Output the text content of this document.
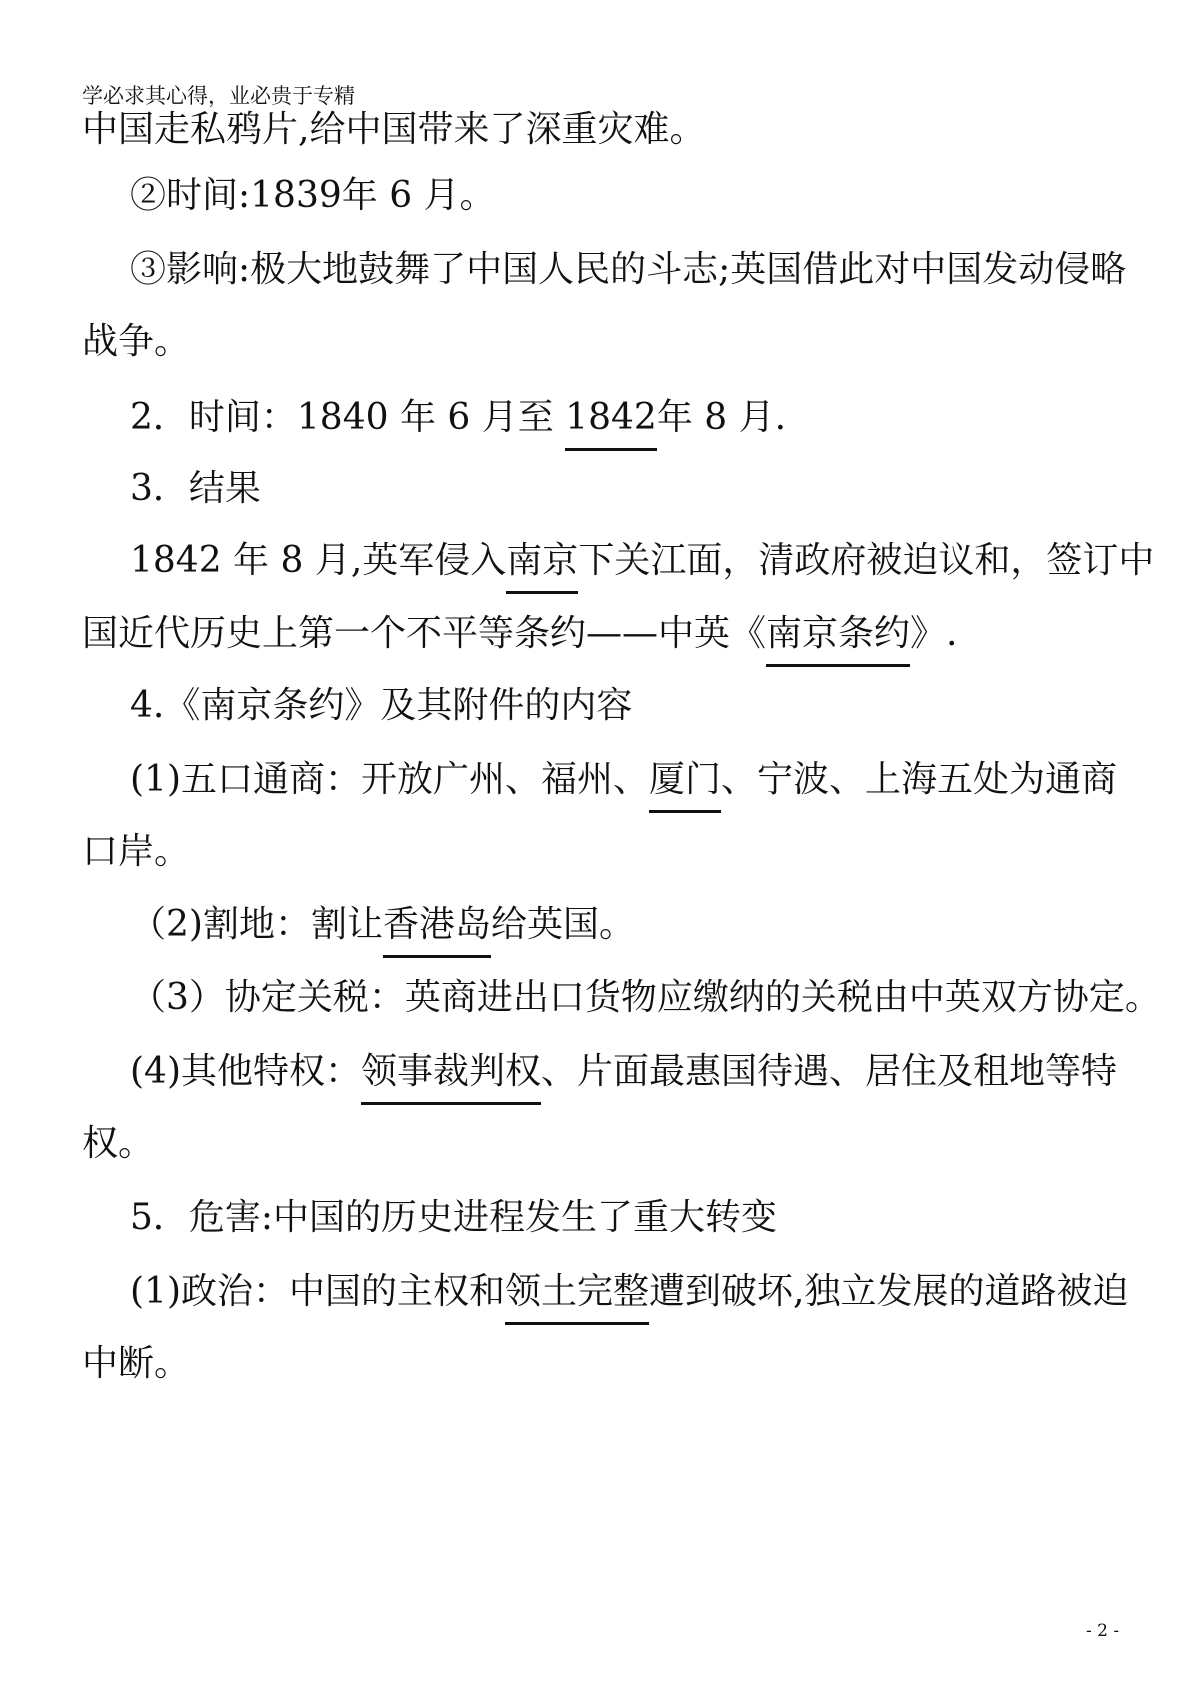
学必求其心得，业必贵于专精
中国走私鸦片,给中国带来了深重灾难。
②时间:1839年 6 月。
③影响:极大地鼓舞了中国人民的斗志;英国借此对中国发动侵略
战争。
2．时间：1840 年 6 月至 1842年 8 月.
3．结果
1842 年 8 月,英军侵入南京下关江面，清政府被迫议和，签订中
国近代历史上第一个不平等条约——中英《南京条约》.
4.《南京条约》及其附件的内容
(1)五口通商：开放广州、福州、厦门、宁波、上海五处为通商
口岸。
（2)割地：割让香港岛给英国。
（3）协定关税：英商进出口货物应缴纳的关税由中英双方协定。
(4)其他特权：领事裁判权、片面最惠国待遇、居住及租地等特
权。
5．危害:中国的历史进程发生了重大转变
(1)政治：中国的主权和领土完整遭到破坏,独立发展的道路被迫
中断。
- 2 -
